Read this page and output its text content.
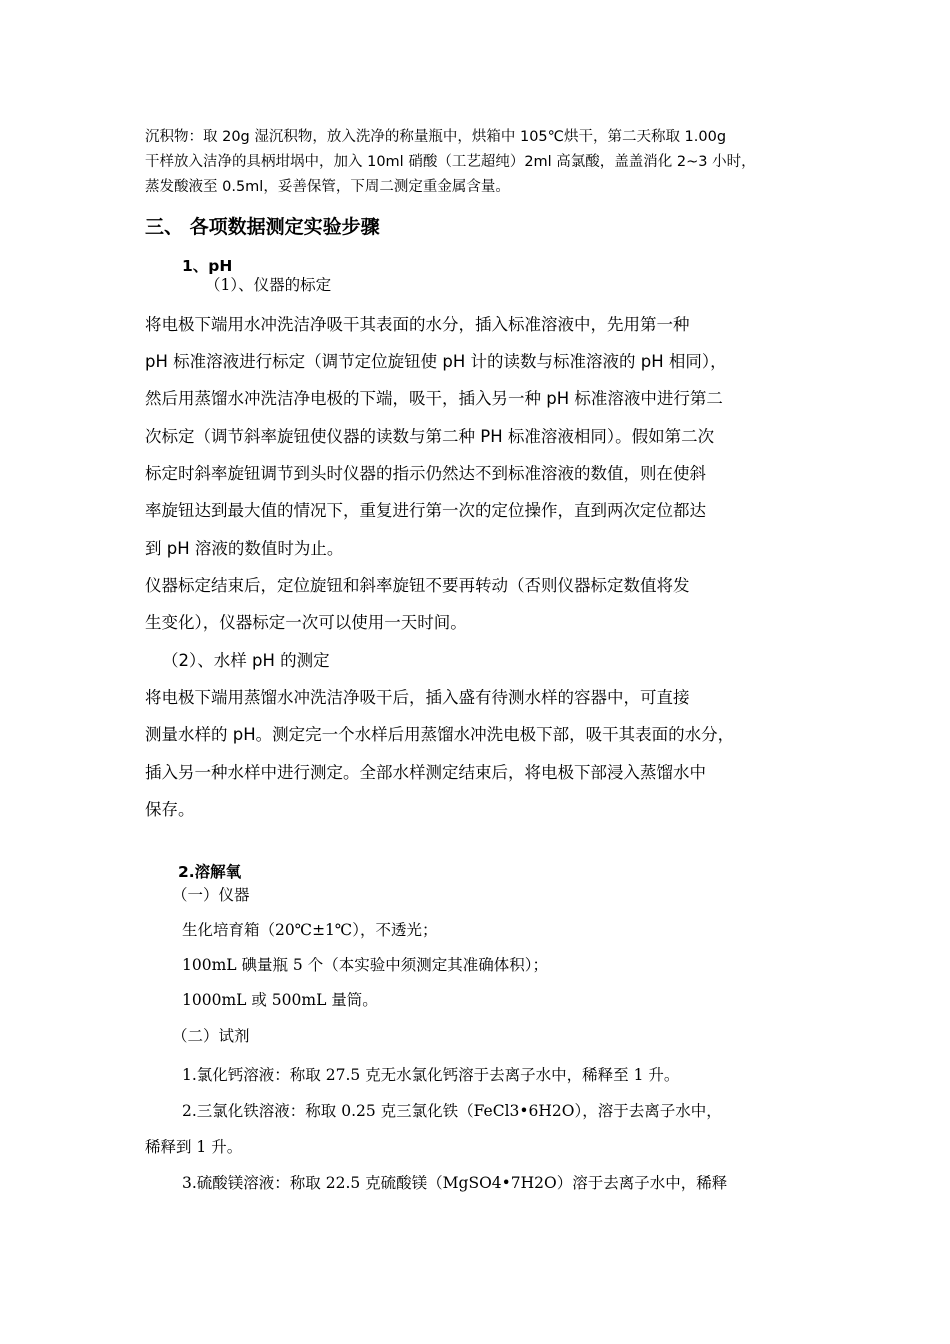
沉积物：取 20g 湿沉积物，放入洗净的称量瓶中，烘箱中 105℃烘干，第二天称取 1.00g
干样放入洁净的具柄坩埚中，加入 10ml 硝酸（工艺超纯）2ml 高氯酸，盖盖消化 2~3 小时，
蒸发酸液至 0.5ml，妥善保管，下周二测定重金属含量。
三、 各项数据测定实验步骤
1、pH
（1）、仪器的标定
将电极下端用水冲洗洁净吸干其表面的水分，插入标准溶液中，先用第一种
pH 标准溶液进行标定（调节定位旋钮使 pH 计的读数与标准溶液的 pH 相同），
然后用蒸馏水冲洗洁净电极的下端，吸干，插入另一种 pH 标准溶液中进行第二
次标定（调节斜率旋钮使仪器的读数与第二种 PH 标准溶液相同）。假如第二次
标定时斜率旋钮调节到头时仪器的指示仍然达不到标准溶液的数值，则在使斜
率旋钮达到最大值的情况下，重复进行第一次的定位操作，直到两次定位都达
到 pH 溶液的数值时为止。
仪器标定结束后，定位旋钮和斜率旋钮不要再转动（否则仪器标定数值将发
生变化），仪器标定一次可以使用一天时间。
（2）、水样 pH 的测定
将电极下端用蒸馏水冲洗洁净吸干后，插入盛有待测水样的容器中，可直接
测量水样的 pH。测定完一个水样后用蒸馏水冲洗电极下部，吸干其表面的水分，
插入另一种水样中进行测定。全部水样测定结束后，将电极下部浸入蒸馏水中
保存。
2.溶解氧
（一）仪器
生化培育箱（20℃±1℃），不透光；
100mL 碘量瓶 5 个（本实验中须测定其准确体积）；
1000mL 或 500mL 量筒。
（二）试剂
1.氯化钙溶液：称取 27.5 克无水氯化钙溶于去离子水中，稀释至 1 升。
2.三氯化铁溶液：称取 0.25 克三氯化铁（FeCl3•6H2O），溶于去离子水中，
稀释到 1 升。
3.硫酸镁溶液：称取 22.5 克硫酸镁（MgSO4•7H2O）溶于去离子水中，稀释
